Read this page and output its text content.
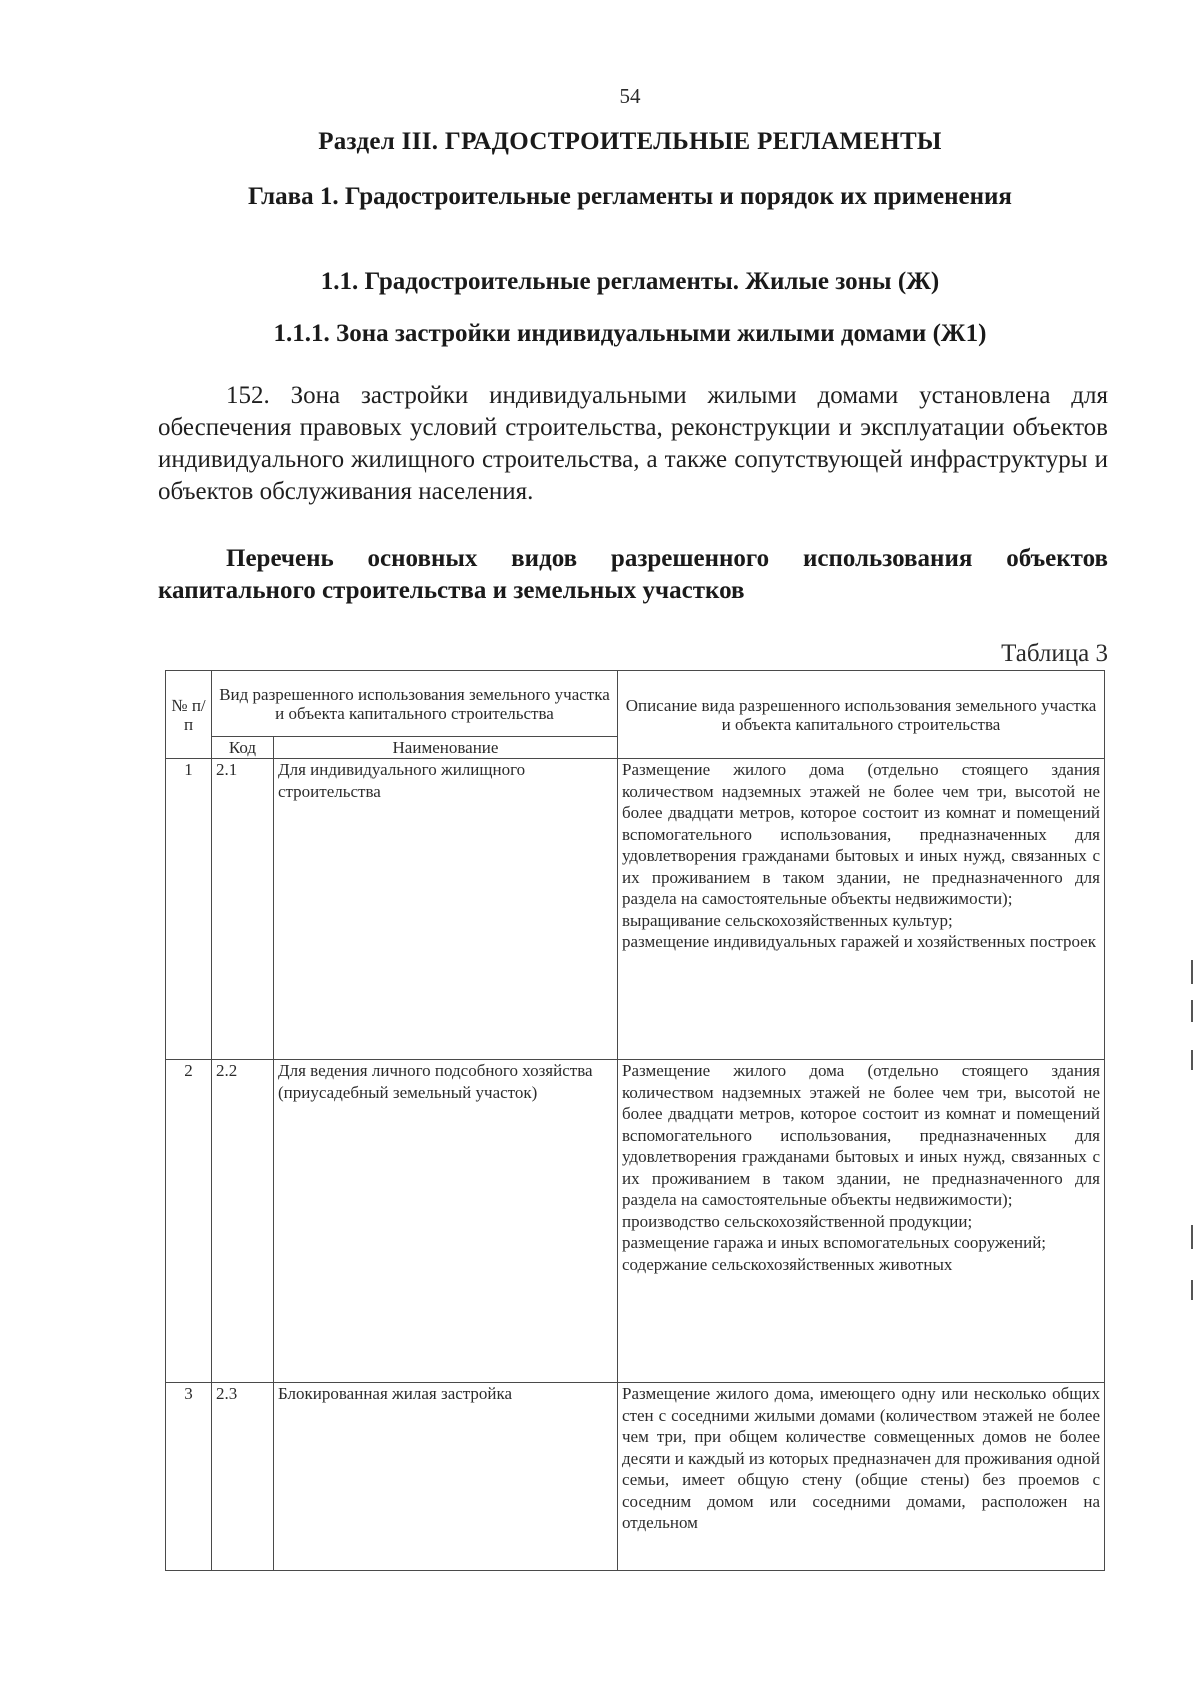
54
Раздел III. ГРАДОСТРОИТЕЛЬНЫЕ РЕГЛАМЕНТЫ
Глава 1. Градостроительные регламенты и порядок их применения
1.1. Градостроительные регламенты. Жилые зоны (Ж)
1.1.1. Зона застройки индивидуальными жилыми домами (Ж1)
152. Зона застройки индивидуальными жилыми домами установлена для обеспечения правовых условий строительства, реконструкции и эксплуатации объектов индивидуального жилищного строительства, а также сопутствующей инфраструктуры и объектов обслуживания населения.
Перечень основных видов разрешенного использования объектов капитального строительства и земельных участков
Таблица 3
№ п/п	Вид разрешенного использования земельного участка и объекта капитального строительства		Описание вида разрешенного использования земельного участка и объекта капитального строительства
	Код	Наименование	
1	2.1	Для индивидуального жилищного строительства	Размещение жилого дома (отдельно стоящего здания количеством надземных этажей не более чем три, высотой не более двадцати метров, которое состоит из комнат и помещений вспомогательного использования, предназначенных для удовлетворения гражданами бытовых и иных нужд, связанных с их проживанием в таком здании, не предназначенного для раздела на самостоятельные объекты недвижимости);
выращивание сельскохозяйственных культур;
размещение индивидуальных гаражей и хозяйственных построек

2	2.2	Для ведения личного подсобного хозяйства (приусадебный земельный участок)	Размещение жилого дома (отдельно стоящего здания количеством надземных этажей не более чем три, высотой не более двадцати метров, которое состоит из комнат и помещений вспомогательного использования, предназначенных для удовлетворения гражданами бытовых и иных нужд, связанных с их проживанием в таком здании, не предназначенного для раздела на самостоятельные объекты недвижимости);
производство сельскохозяйственной продукции;
размещение гаража и иных вспомогательных сооружений;
содержание сельскохозяйственных животных

3	2.3	Блокированная жилая застройка	Размещение жилого дома, имеющего одну или несколько общих стен с соседними жилыми домами (количеством этажей не более чем три, при общем количестве совмещенных домов не более десяти и каждый из которых предназначен для проживания одной семьи, имеет общую стену (общие стены) без проемов с соседним домом или соседними домами, расположен на отдельном
